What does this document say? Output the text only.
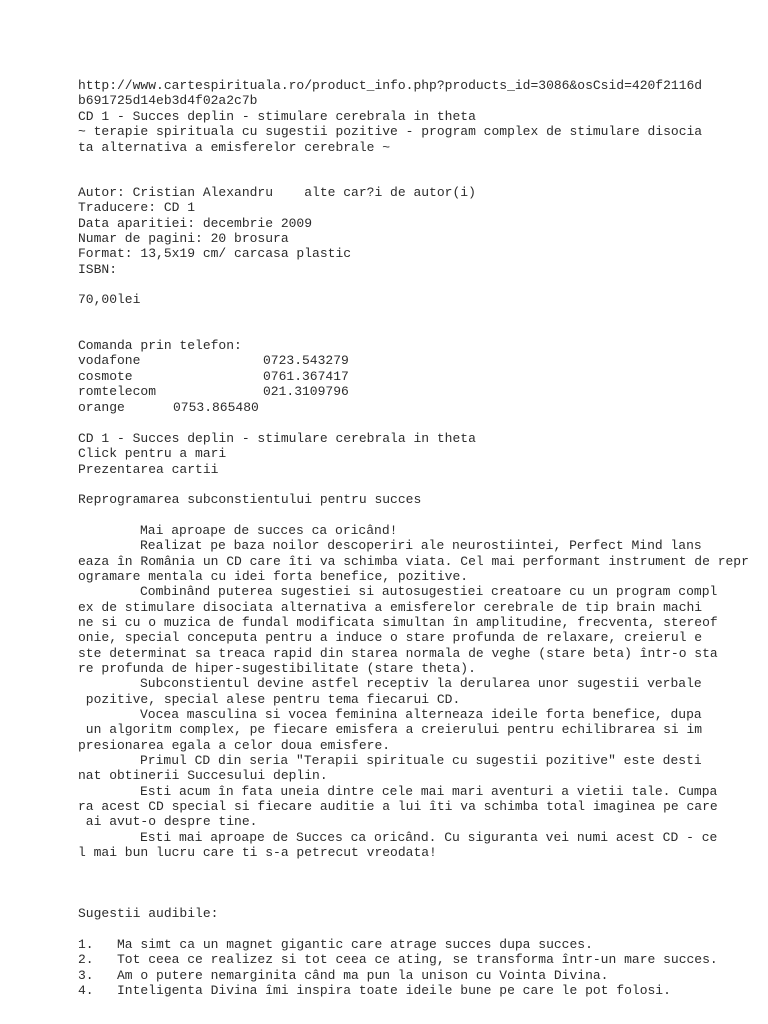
http://www.cartespirituala.ro/product_info.php?products_id=3086&osCsid=420f2116d
b691725d14eb3d4f02a2c7b
CD 1 - Succes deplin - stimulare cerebrala in theta
~ terapie spirituala cu sugestii pozitive - program complex de stimulare disocia
ta alternativa a emisferelor cerebrale ~
Autor: Cristian Alexandru    alte car?i de autor(i)
Traducere: CD 1
Data aparitiei: decembrie 2009
Numar de pagini: 20 brosura
Format: 13,5x19 cm/ carcasa plastic
ISBN:
70,00lei
Comanda prin telefon:
vodafone	0723.543279
cosmote	0761.367417
romtelecom	021.3109796
orange	0753.865480
CD 1 - Succes deplin - stimulare cerebrala in theta
Click pentru a mari
Prezentarea cartii
Reprogramarea subconstientului pentru succes
Mai aproape de succes ca oricând!
Realizat pe baza noilor descoperiri ale neurostiintei, Perfect Mind lans
eaza în România un CD care îti va schimba viata. Cel mai performant instrument de repr
ogramare mentala cu idei forta benefice, pozitive.
Combinând puterea sugestiei si autosugestiei creatoare cu un program compl
ex de stimulare disociata alternativa a emisferelor cerebrale de tip brain machi
ne si cu o muzica de fundal modificata simultan în amplitudine, frecventa, stereof
onie, special conceputa pentru a induce o stare profunda de relaxare, creierul e
ste determinat sa treaca rapid din starea normala de veghe (stare beta) într-o sta
re profunda de hiper-sugestibilitate (stare theta).
Subconstientul devine astfel receptiv la derularea unor sugestii verbale
pozitive, special alese pentru tema fiecarui CD.
Vocea masculina si vocea feminina alterneaza ideile forta benefice, dupa
un algoritm complex, pe fiecare emisfera a creierului pentru echilibrarea si im
presionarea egala a celor doua emisfere.
Primul CD din seria "Terapii spirituale cu sugestii pozitive" este desti
nat obtinerii Succesului deplin.
Esti acum în fata uneia dintre cele mai mari aventuri a vietii tale. Cumpa
ra acest CD special si fiecare auditie a lui îti va schimba total imaginea pe care
ai avut-o despre tine.
Esti mai aproape de Succes ca oricând. Cu siguranta vei numi acest CD - ce
l mai bun lucru care ti s-a petrecut vreodata!
Sugestii audibile:
1.   Ma simt ca un magnet gigantic care atrage succes dupa succes.
2.   Tot ceea ce realizez si tot ceea ce ating, se transforma într-un mare succes.
3.   Am o putere nemarginita când ma pun la unison cu Vointa Divina.
4.   Inteligenta Divina îmi inspira toate ideile bune pe care le pot folosi.
